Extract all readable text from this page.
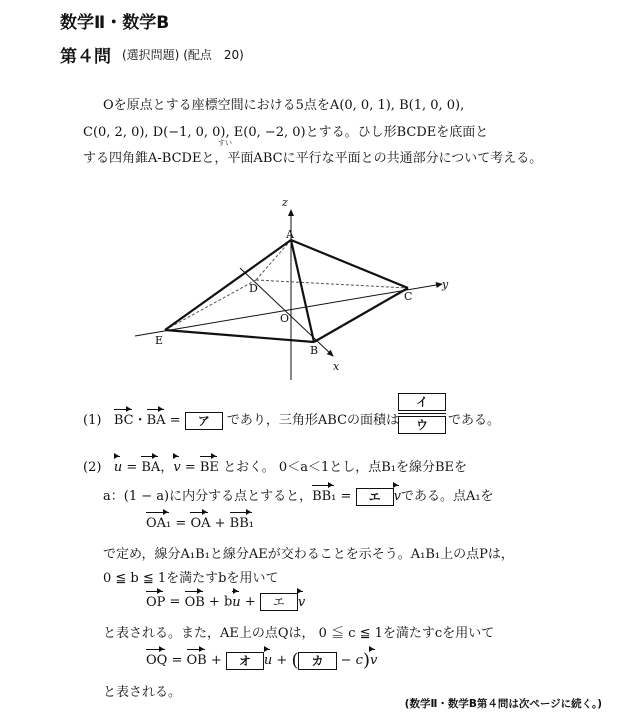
数学Ⅱ・数学B
第４問 (選択問題) (配点　20)
Oを原点とする座標空間における5点をA(0, 0, 1), B(1, 0, 0),
C(0, 2, 0), D(−1, 0, 0), E(0, −2, 0)とする。ひし形BCDEを底面と
すい
する四角錐A-BCDEと，平面ABCに平行な平面との共通部分について考える。
z
y
x
A
B
C
D
E
O
(1) BC・BA = ア であり，三角形ABCの面積は
イ
ウ	である。
(2) u = BA，v = BE とおく。 0＜a＜1とし，点B₁を線分BEを
a：(1 − a)に内分する点とすると，BB₁ = エ vである。点A₁を
OA₁ = OA + BB₁
で定め，線分A₁B₁と線分AEが交わることを示そう。A₁B₁上の点Pは，
0 ≦ b ≦ 1を満たすbを用いて
OP = OB + bu + エ v
と表される。また，AE上の点Qは， 0 ≦ c ≦ 1を満たすcを用いて
OQ = OB + オ u + ( カ − c)v
と表される。
(数学Ⅱ・数学B第４問は次ページに続く。)
